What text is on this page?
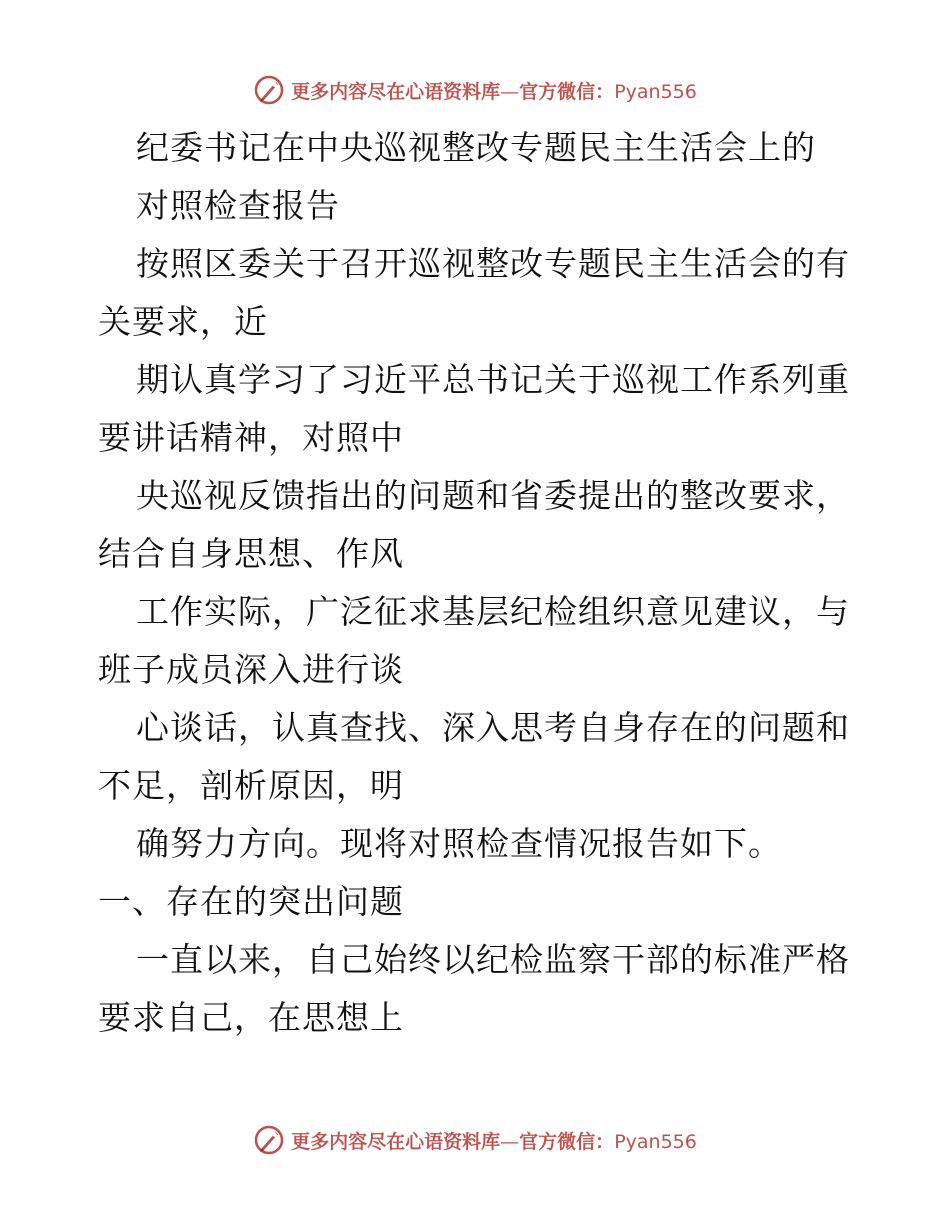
更多内容尽在心语资料库—官方微信：Pyan556
纪委书记在中央巡视整改专题民主生活会上的
对照检查报告
按照区委关于召开巡视整改专题民主生活会的有
关要求，近
期认真学习了习近平总书记关于巡视工作系列重
要讲话精神，对照中
央巡视反馈指出的问题和省委提出的整改要求，
结合自身思想、作风
工作实际，广泛征求基层纪检组织意见建议，与
班子成员深入进行谈
心谈话，认真查找、深入思考自身存在的问题和
不足，剖析原因，明
确努力方向。现将对照检查情况报告如下。
一、存在的突出问题
一直以来，自己始终以纪检监察干部的标准严格
要求自己，在思想上
更多内容尽在心语资料库—官方微信：Pyan556
